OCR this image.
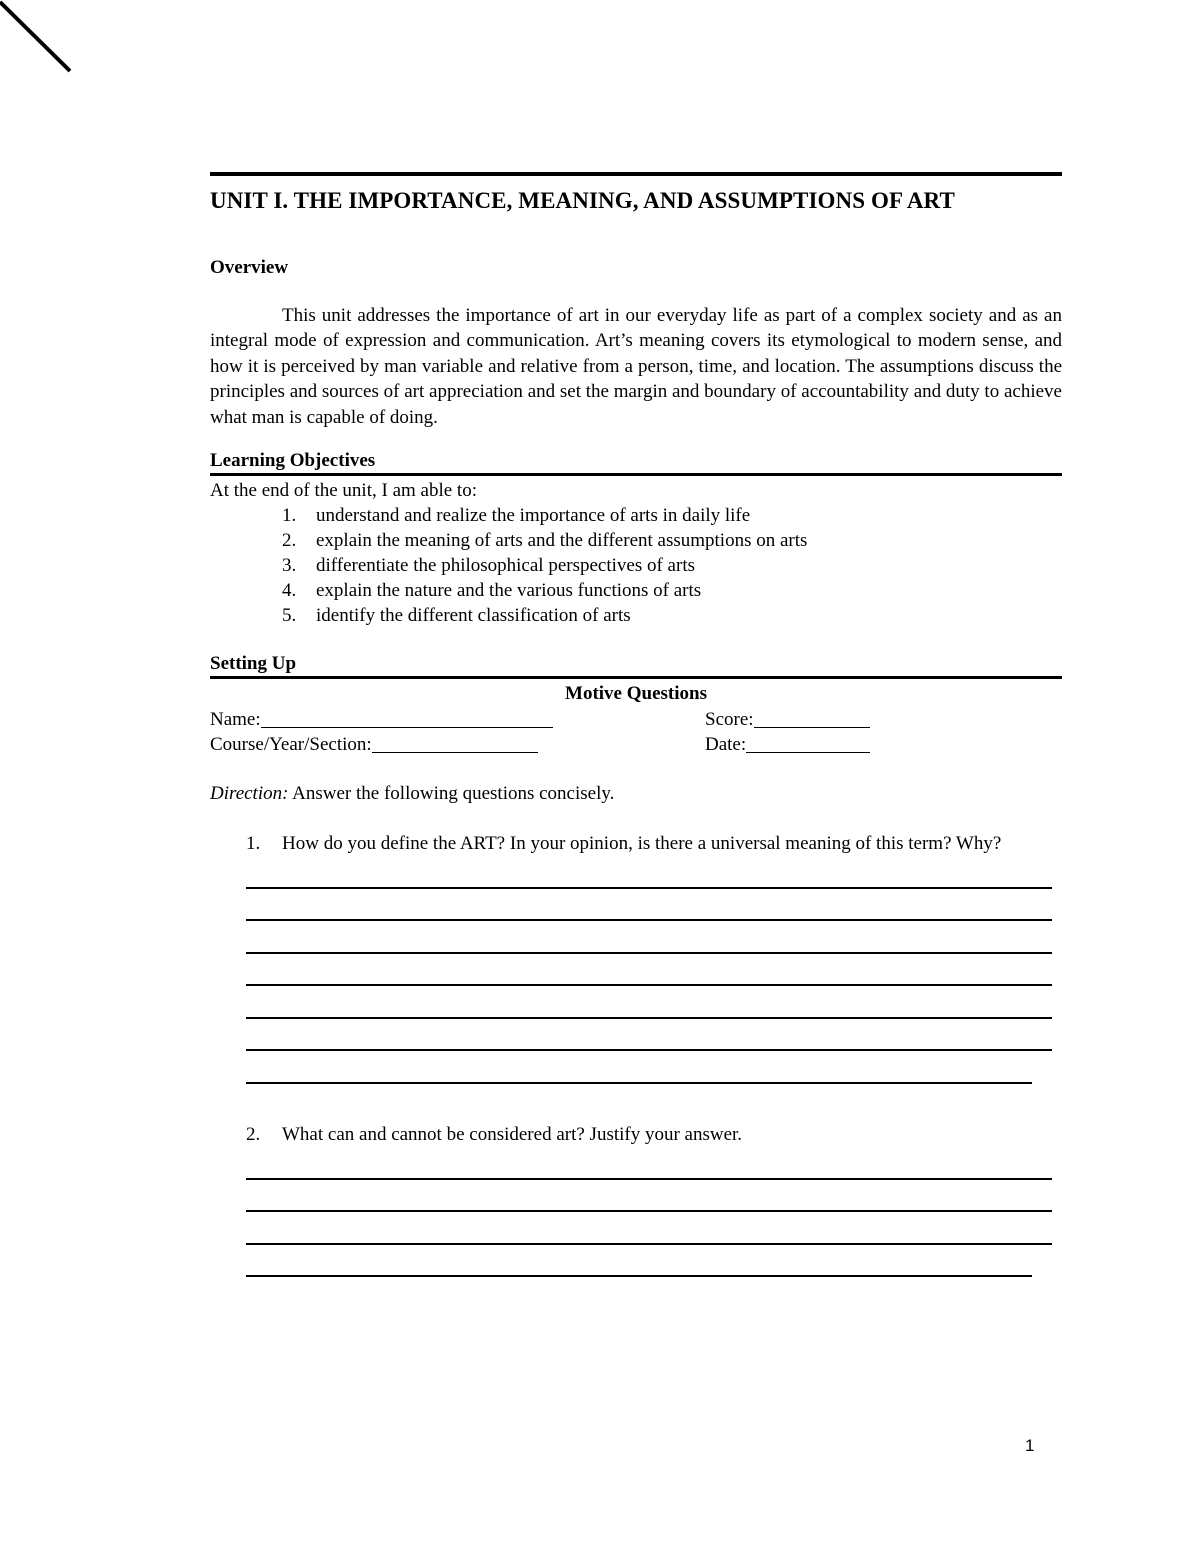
UNIT I. THE IMPORTANCE, MEANING, AND ASSUMPTIONS OF ART
Overview

This unit addresses the importance of art in our everyday life as part of a complex society and as an integral mode of expression and communication. Art’s meaning covers its etymological to modern sense, and how it is perceived by man variable and relative from a person, time, and location. The assumptions discuss the principles and sources of art appreciation and set the margin and boundary of accountability and duty to achieve what man is capable of doing.

Learning Objectives
At the end of the unit, I am able to:
1.	understand and realize the importance of arts in daily life
2.	explain the meaning of arts and the different assumptions on arts
3.	differentiate the philosophical perspectives of arts
4.	explain the nature and the various functions of arts
5.	identify the different classification of arts
Setting Up
Motive Questions
Name:	Score:
Course/Year/Section:	Date:
Direction: Answer the following questions concisely.
1.	How do you define the ART? In your opinion, is there a universal meaning of this term? Why?
2.	What can and cannot be considered art? Justify your answer.
1
